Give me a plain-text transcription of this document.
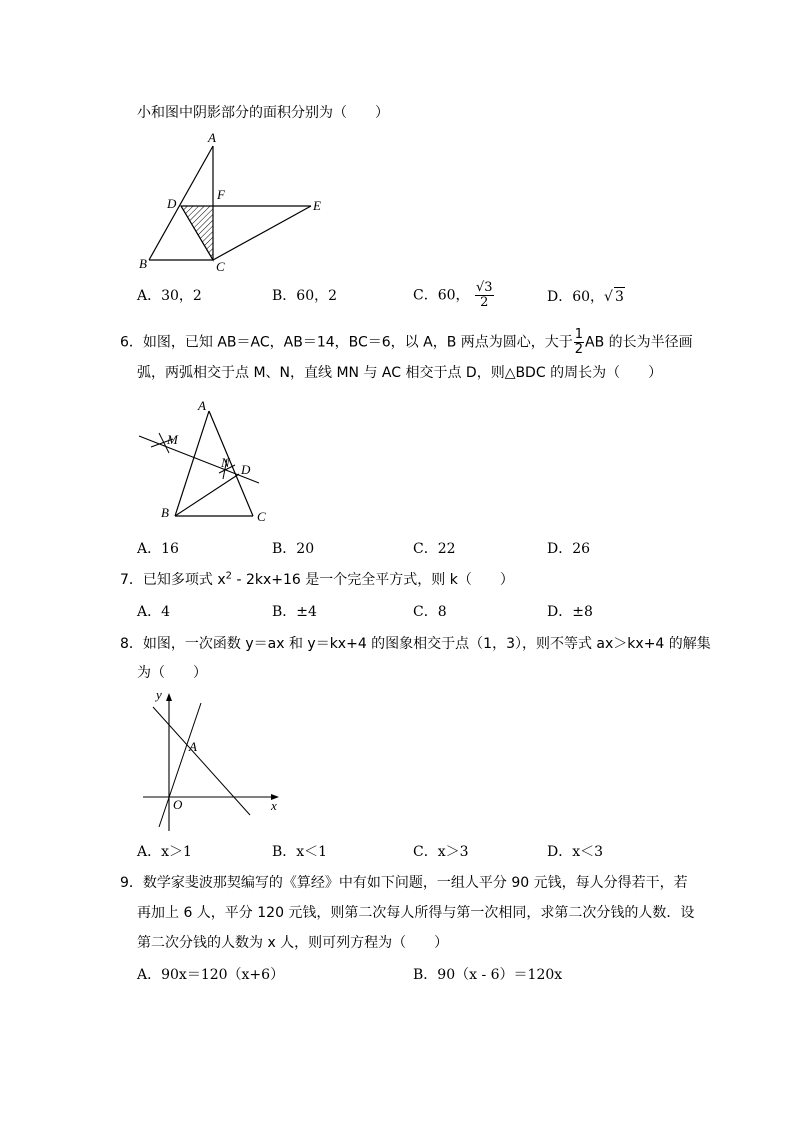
小和图中阴影部分的面积分别为（　　）
A
F
D	E
B	C
A．30，2	B．60，2	C．60， $\frac{√3}{2}$	D．60，√ 3
6．如图，已知 AB＝AC，AB＝14，BC＝6，以 A，B 两点为圆心，大于 $\frac{1}{2}$ AB 的长为半径画
弧，两弧相交于点 M、N，直线 MN 与 AC 相交于点 D，则△BDC 的周长为（　　）
A
M
N D
B	C
A．16	B．20	C．22	D．26
7．已知多项式 $x^2 - 2kx+16$ 是一个完全平方式，则 k（　　）
A．4	B．±4	C．8	D．±8
8．如图，一次函数 y＝ax 和 y＝kx+4 的图象相交于点（1，3），则不等式 ax＞kx+4 的解集
为（　　）
y
A
O	x
A．x＞1	B．x＜1	C．x＞3	D．x＜3
9．数学家斐波那契编写的《算经》中有如下问题，一组人平分 90 元钱，每人分得若干，若
再加上 6 人，平分 120 元钱，则第二次每人所得与第一次相同，求第二次分钱的人数．设
第二次分钱的人数为 x 人，则可列方程为（　　）
A．90x＝120（x+6）	B．90（x - 6）＝120x
